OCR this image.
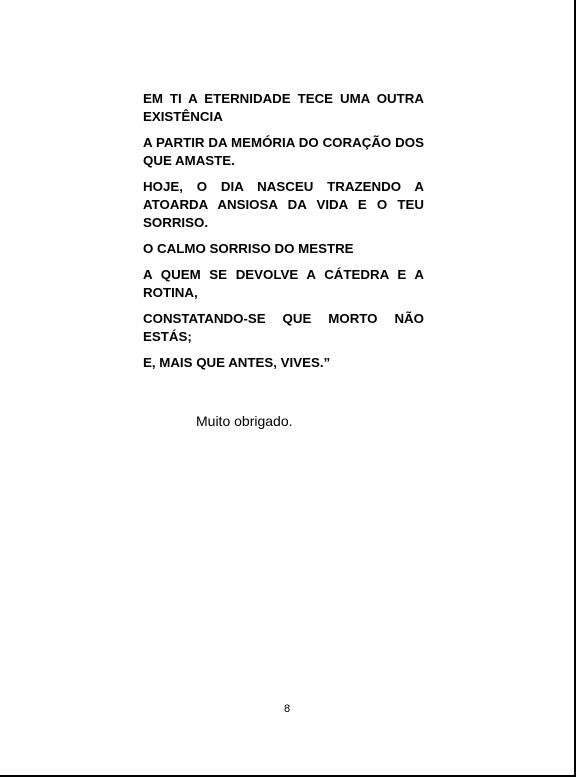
EM TI A ETERNIDADE TECE UMA OUTRA EXISTÊNCIA

A PARTIR DA MEMÓRIA DO CORAÇÃO DOS QUE AMASTE.

HOJE, O DIA NASCEU TRAZENDO A ATOARDA ANSIOSA DA VIDA E O TEU SORRISO.

O CALMO SORRISO DO MESTRE

A QUEM SE DEVOLVE A CÁTEDRA E A ROTINA,

CONSTATANDO-SE QUE MORTO NÃO ESTÁS;

E, MAIS QUE ANTES, VIVES.”

Muito obrigado.
8
